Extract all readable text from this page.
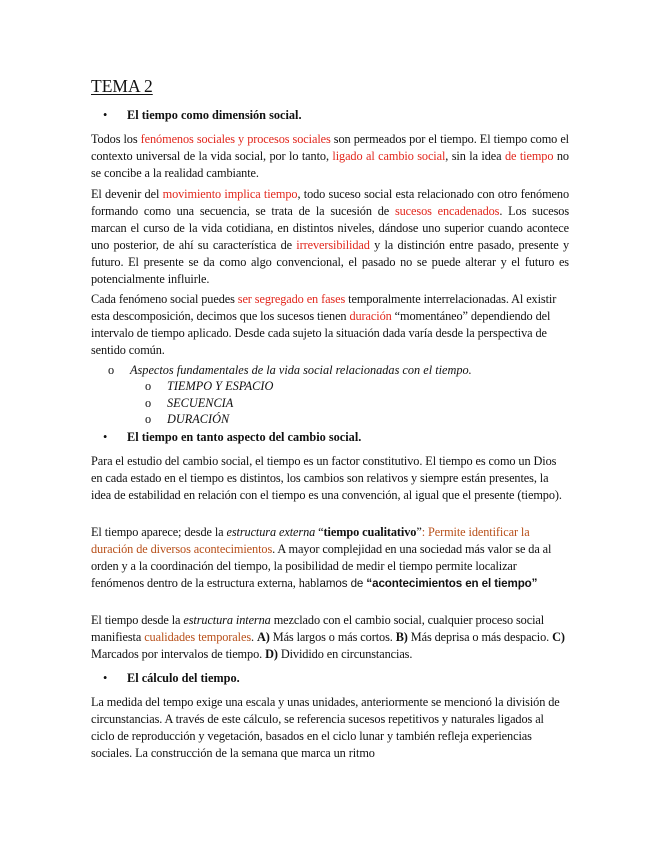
TEMA 2
• El tiempo como dimensión social.

Todos los fenómenos sociales y procesos sociales son permeados por el tiempo. El tiempo como el contexto universal de la vida social, por lo tanto, ligado al cambio social, sin la idea de tiempo no se concibe a la realidad cambiante.

El devenir del movimiento implica tiempo, todo suceso social esta relacionado con otro fenómeno formando como una secuencia, se trata de la sucesión de sucesos encadenados. Los sucesos marcan el curso de la vida cotidiana, en distintos niveles, dándose uno superior cuando acontece uno posterior, de ahí su característica de irreversibilidad y la distinción entre pasado, presente y futuro. El presente se da como algo convencional, el pasado no se puede alterar y el futuro es potencialmente influirle.

Cada fenómeno social puedes ser segregado en fases temporalmente interrelacionadas. Al existir esta descomposición, decimos que los sucesos tienen duración “momentáneo” dependiendo del intervalo de tiempo aplicado. Desde cada sujeto la situación dada varía desde la perspectiva de sentido común.

o Aspectos fundamentales de la vida social relacionadas con el tiempo.
o TIEMPO Y ESPACIO
o SECUENCIA
o DURACIÓN
• El tiempo en tanto aspecto del cambio social.

Para el estudio del cambio social, el tiempo es un factor constitutivo. El tiempo es como un Dios en cada estado en el tiempo es distintos, los cambios son relativos y siempre están presentes, la idea de estabilidad en relación con el tiempo es una convención, al igual que el presente (tiempo).

El tiempo aparece; desde la estructura externa “tiempo cualitativo”: Permite identificar la duración de diversos acontecimientos. A mayor complejidad en una sociedad más valor se da al orden y a la coordinación del tiempo, la posibilidad de medir el tiempo permite localizar fenómenos dentro de la estructura externa, hablamos de “acontecimientos en el tiempo”

El tiempo desde la estructura interna mezclado con el cambio social, cualquier proceso social manifiesta cualidades temporales. A) Más largos o más cortos. B) Más deprisa o más despacio. C) Marcados por intervalos de tiempo. D) Dividido en circunstancias.

• El cálculo del tiempo.

La medida del tempo exige una escala y unas unidades, anteriormente se mencionó la división de circunstancias. A través de este cálculo, se referencia sucesos repetitivos y naturales ligados al ciclo de reproducción y vegetación, basados en el ciclo lunar y también refleja experiencias sociales. La construcción de la semana que marca un ritmo
